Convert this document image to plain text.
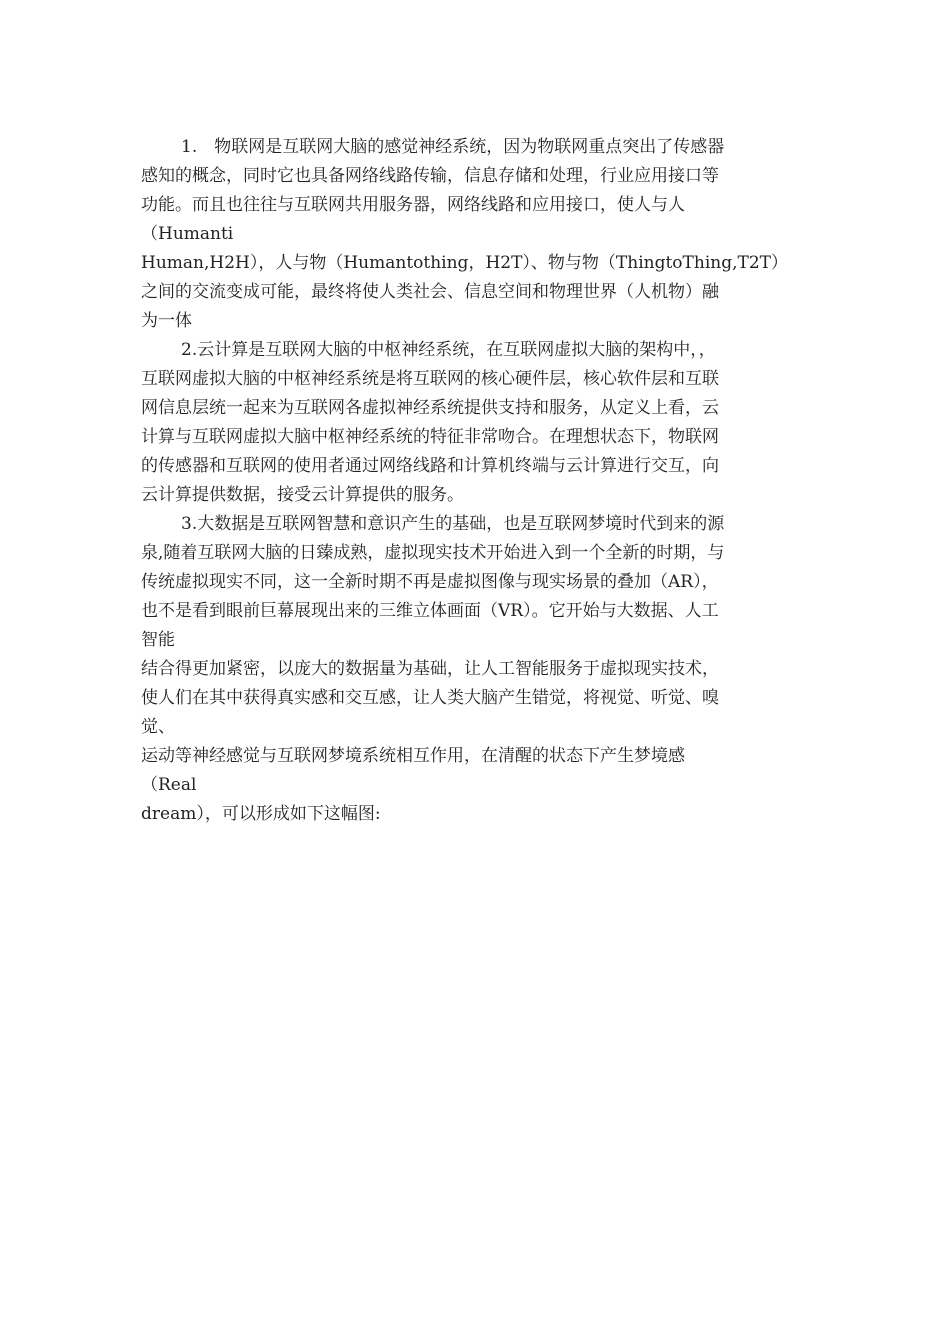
1.　物联网是互联网大脑的感觉神经系统，因为物联网重点突出了传感器
感知的概念，同时它也具备网络线路传输，信息存储和处理，行业应用接口等
功能。而且也往往与互联网共用服务器，网络线路和应用接口，使人与人
（Humanti
Human,H2H），人与物（Humantothing，H2T）、物与物（ThingtoThing,T2T）
之间的交流变成可能，最终将使人类社会、信息空间和物理世界（人机物）融
为一体
2.云计算是互联网大脑的中枢神经系统，在互联网虚拟大脑的架构中，，
互联网虚拟大脑的中枢神经系统是将互联网的核心硬件层，核心软件层和互联
网信息层统一起来为互联网各虚拟神经系统提供支持和服务，从定义上看，云
计算与互联网虚拟大脑中枢神经系统的特征非常吻合。在理想状态下，物联网
的传感器和互联网的使用者通过网络线路和计算机终端与云计算进行交互，向
云计算提供数据，接受云计算提供的服务。
3.大数据是互联网智慧和意识产生的基础，也是互联网梦境时代到来的源
泉,随着互联网大脑的日臻成熟，虚拟现实技术开始进入到一个全新的时期，与
传统虚拟现实不同，这一全新时期不再是虚拟图像与现实场景的叠加（AR），
也不是看到眼前巨幕展现出来的三维立体画面（VR）。它开始与大数据、人工
智能
结合得更加紧密，以庞大的数据量为基础，让人工智能服务于虚拟现实技术，
使人们在其中获得真实感和交互感，让人类大脑产生错觉，将视觉、听觉、嗅
觉、
运动等神经感觉与互联网梦境系统相互作用，在清醒的状态下产生梦境感
（Real
dream），可以形成如下这幅图:
